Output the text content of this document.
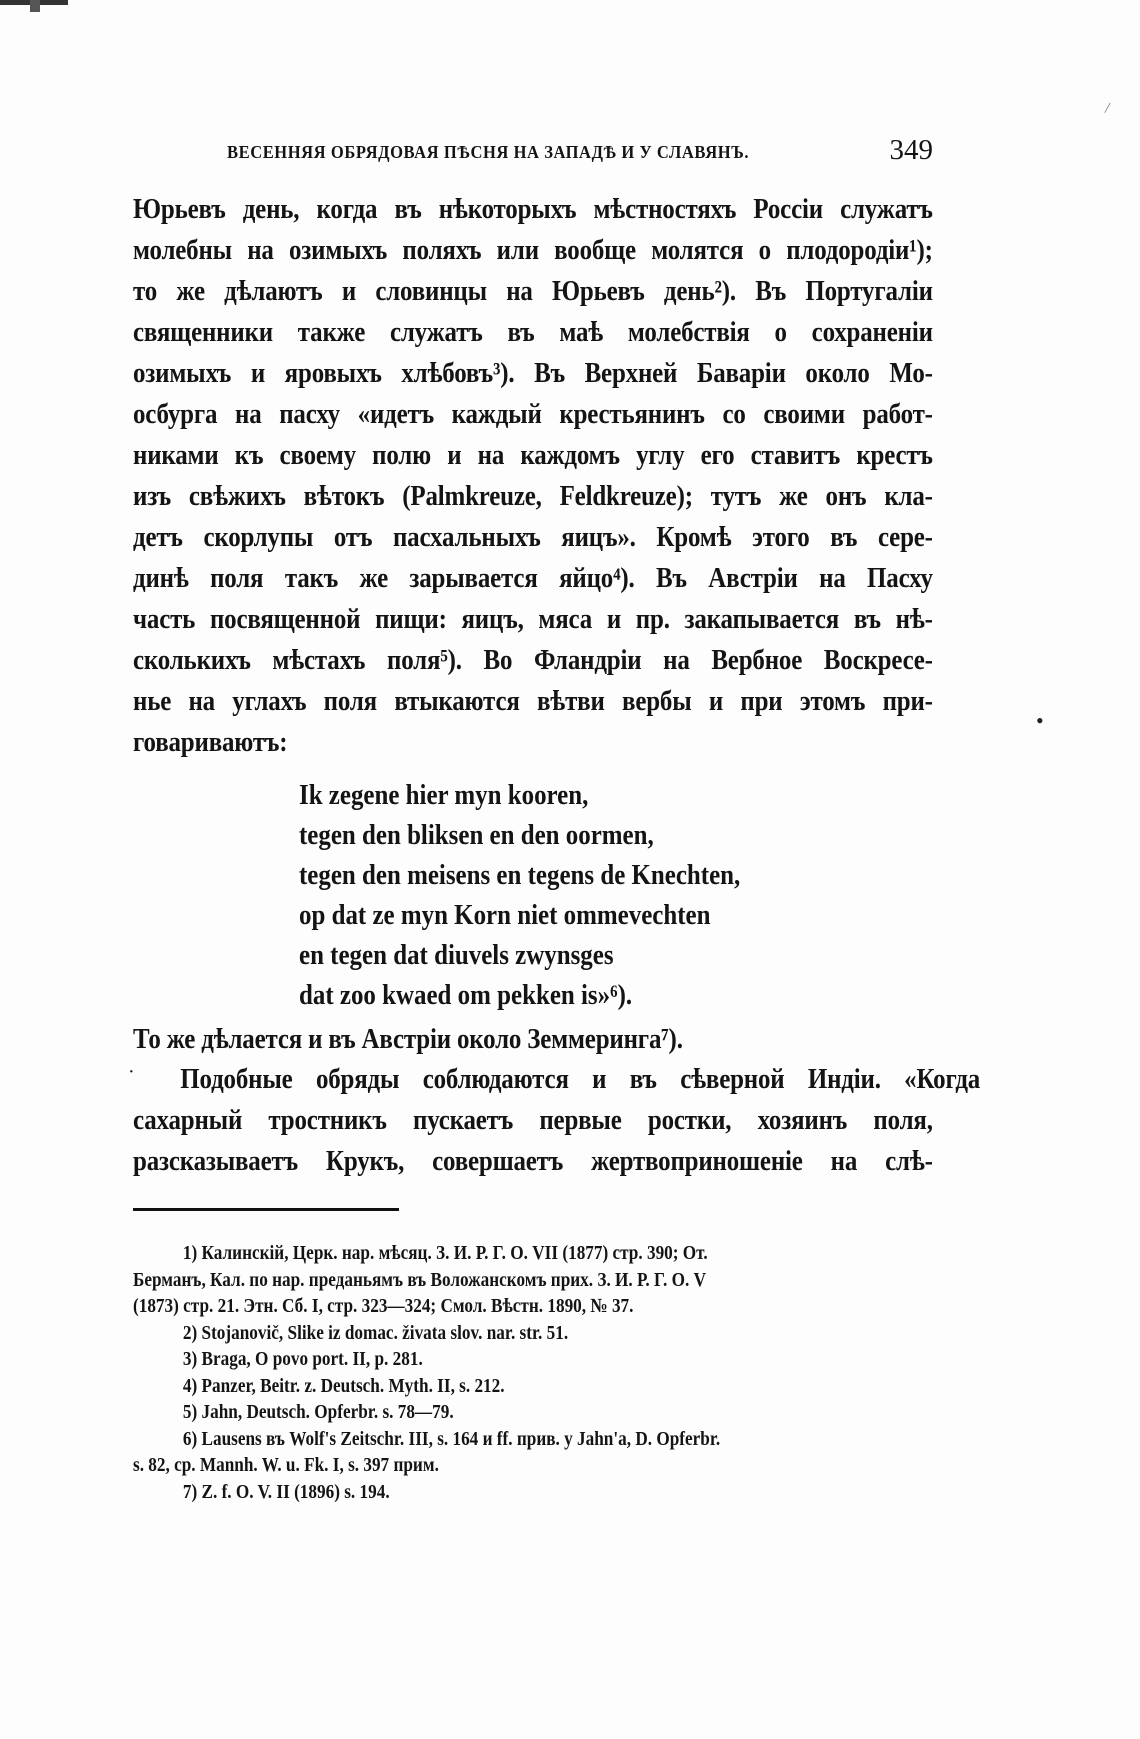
/
•
ВЕСЕННЯЯ ОБРЯДОВАЯ ПѢСНЯ НА ЗАПАДѢ И У СЛАВЯНЪ.	349
Юрьевъ день, когда въ нѣкоторыхъ мѣстностяхъ Россіи служатъ
молебны на озимыхъ поляхъ или вообще молятся о плодородіи¹);
то же дѣлаютъ и словинцы на Юрьевъ день²). Въ Португаліи
священники также служатъ въ маѣ молебствія о сохраненіи
озимыхъ и яровыхъ хлѣбовъ³). Въ Верхней Баваріи около Мо-
осбурга на пасху «идетъ каждый крестьянинъ со своими работ-
никами къ своему полю и на каждомъ углу его ставитъ крестъ
изъ свѣжихъ вѣтокъ (Palmkreuze, Feldkreuze); тутъ же онъ кла-
детъ скорлупы отъ пасхальныхъ яицъ». Кромѣ этого въ сере-
динѣ поля такъ же зарывается яйцо⁴). Въ Австріи на Пасху
часть посвященной пищи: яицъ, мяса и пр. закапывается въ нѣ-
сколькихъ мѣстахъ поля⁵). Во Фландріи на Вербное Воскресе-
нье на углахъ поля втыкаются вѣтви вербы и при этомъ при-
говариваютъ:
Ik zegene hier myn kooren,
tegen den bliksen en den oormen,
tegen den meisens en tegens de Knechten,
op dat ze myn Korn niet ommevechten
en tegen dat diuvels zwynsges
dat zoo kwaed om pekken is»⁶).
То же дѣлается и въ Австріи около Земмеринга⁷).
·	Подобные обряды соблюдаются и въ сѣверной Индіи. «Когда
сахарный тростникъ пускаетъ первые ростки, хозяинъ поля,
разсказываетъ Крукъ, совершаетъ жертвоприношеніе на слѣ-
1) Калинскій, Церк. нар. мѣсяц. З. И. Р. Г. О. VII (1877) стр. 390; От.
Берманъ, Кал. по нар. преданьямъ въ Воложанскомъ прих. З. И. Р. Г. О. V
(1873) стр. 21. Этн. Сб. I, стр. 323—324; Смол. Вѣстн. 1890, № 37.
2) Stojanovič, Slike iz domac. živata slov. nar. str. 51.
3) Braga, O povo port. II, p. 281.
4) Panzer, Beitr. z. Deutsch. Myth. II, s. 212.
5) Jahn, Deutsch. Opferbr. s. 78—79.
6) Lausens въ Wolf's Zeitschr. III, s. 164 и ff. прив. у Jahn'a, D. Opferbr.
s. 82, ср. Mannh. W. u. Fk. I, s. 397 прим.
7) Z. f. O. V. II (1896) s. 194.
